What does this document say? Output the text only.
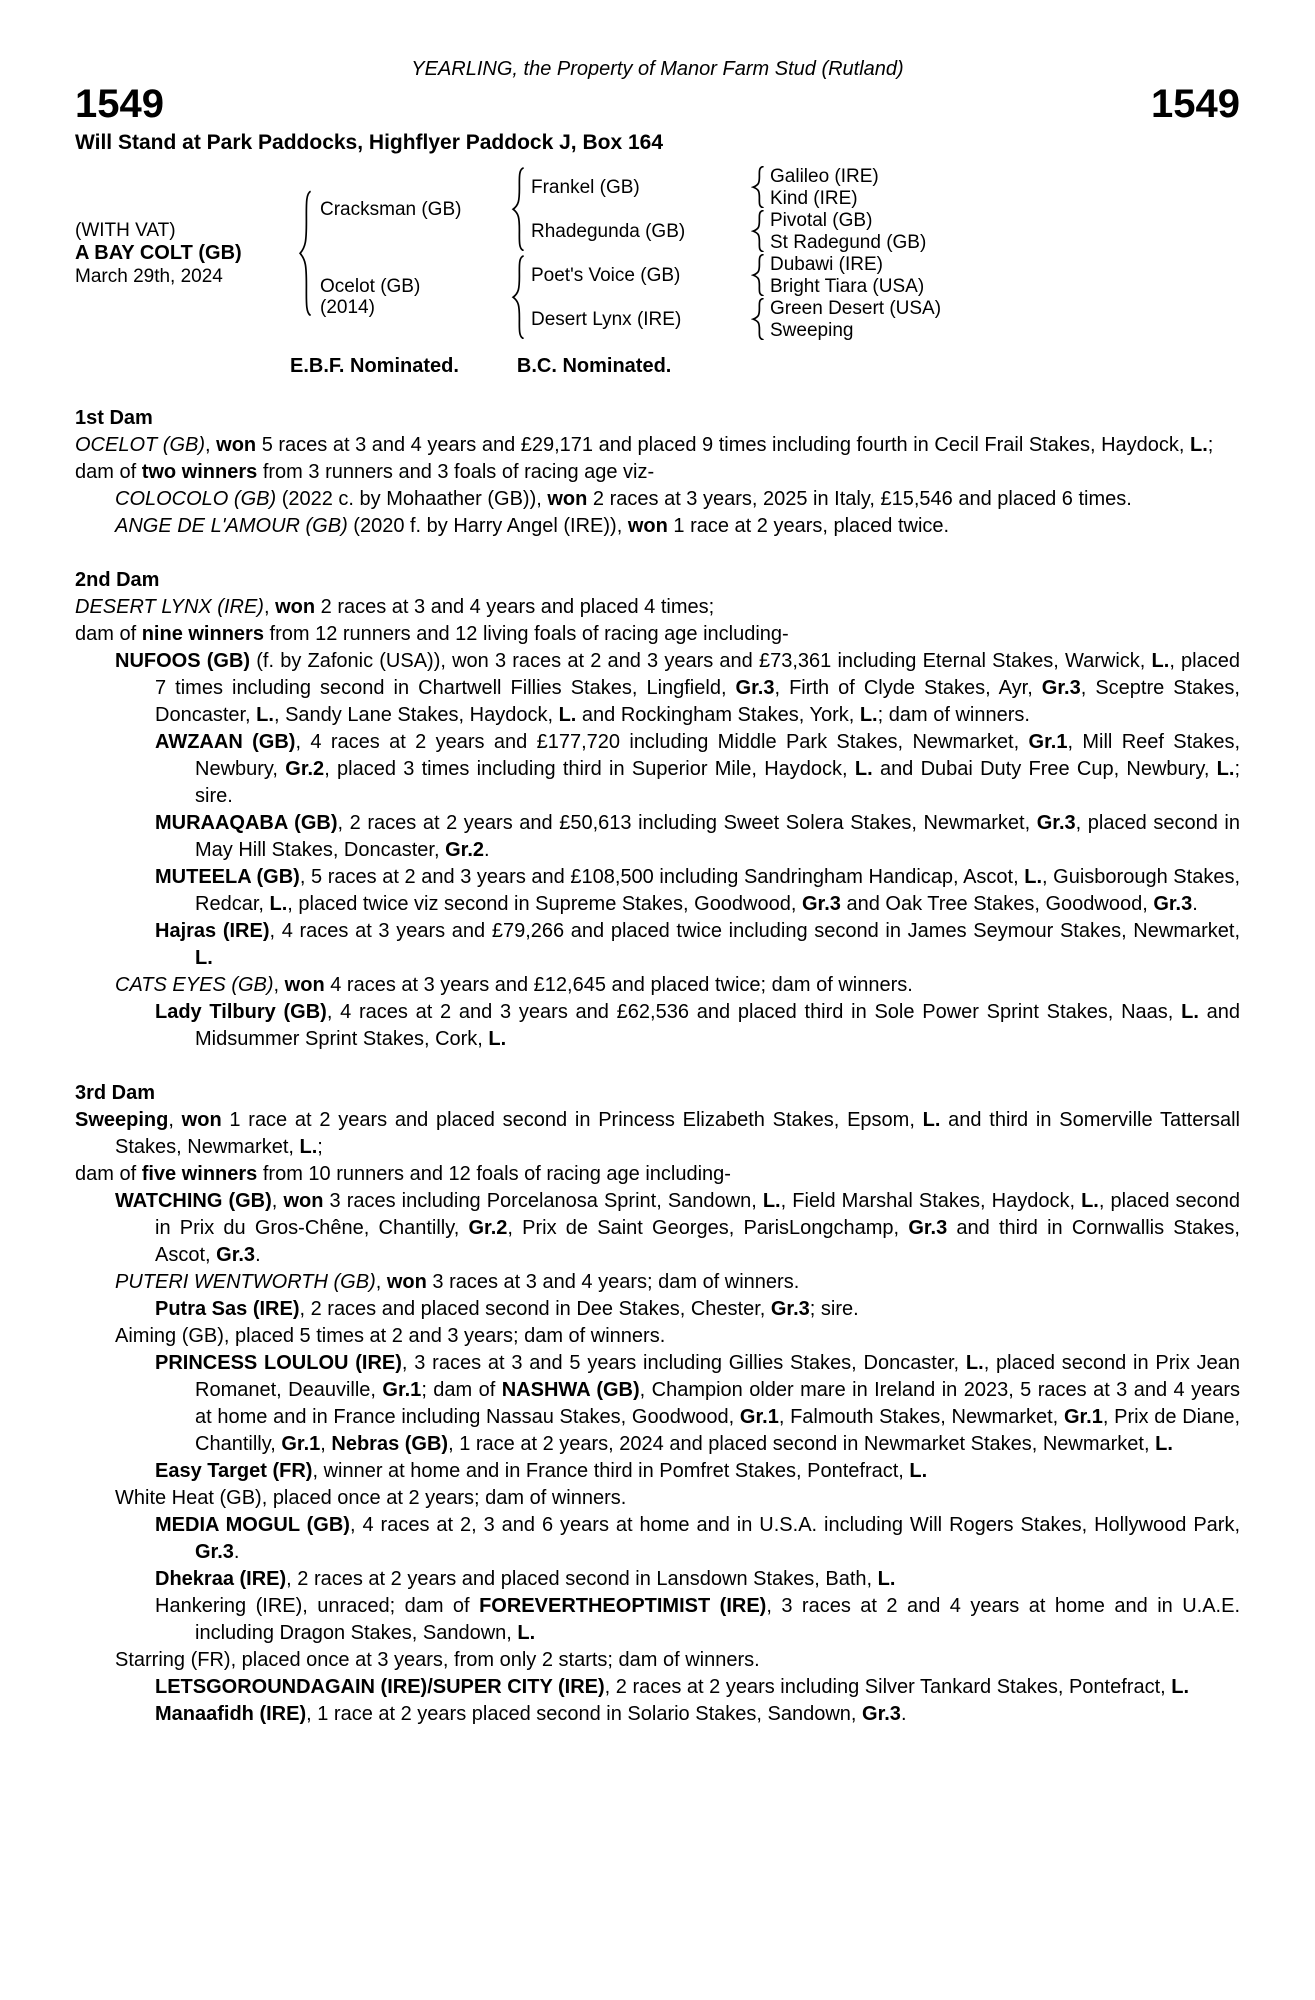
YEARLING, the Property of Manor Farm Stud (Rutland)
1549	1549
Will Stand at Park Paddocks, Highflyer Paddock J, Box 164
(WITH VAT)
A BAY COLT (GB)
March 29th, 2024
Cracksman (GB)
Ocelot (GB)
(2014)
Frankel (GB)
Rhadegunda (GB)
Poet's Voice (GB)
Desert Lynx (IRE)
Galileo (IRE)
Kind (IRE)
Pivotal (GB)
St Radegund (GB)
Dubawi (IRE)
Bright Tiara (USA)
Green Desert (USA)
Sweeping
E.B.F. Nominated.	B.C. Nominated.
1st Dam
OCELOT (GB), won 5 races at 3 and 4 years and £29,171 and placed 9 times including fourth in Cecil Frail Stakes, Haydock, L.;
dam of two winners from 3 runners and 3 foals of racing age viz-
COLOCOLO (GB) (2022 c. by Mohaather (GB)), won 2 races at 3 years, 2025 in Italy, £15,546 and placed 6 times.
ANGE DE L'AMOUR (GB) (2020 f. by Harry Angel (IRE)), won 1 race at 2 years, placed twice.
2nd Dam
DESERT LYNX (IRE), won 2 races at 3 and 4 years and placed 4 times;
dam of nine winners from 12 runners and 12 living foals of racing age including-
NUFOOS (GB) (f. by Zafonic (USA)), won 3 races at 2 and 3 years and £73,361 including Eternal Stakes, Warwick, L., placed 7 times including second in Chartwell Fillies Stakes, Lingfield, Gr.3, Firth of Clyde Stakes, Ayr, Gr.3, Sceptre Stakes, Doncaster, L., Sandy Lane Stakes, Haydock, L. and Rockingham Stakes, York, L.; dam of winners.
AWZAAN (GB), 4 races at 2 years and £177,720 including Middle Park Stakes, Newmarket, Gr.1, Mill Reef Stakes, Newbury, Gr.2, placed 3 times including third in Superior Mile, Haydock, L. and Dubai Duty Free Cup, Newbury, L.; sire.
MURAAQABA (GB), 2 races at 2 years and £50,613 including Sweet Solera Stakes, Newmarket, Gr.3, placed second in May Hill Stakes, Doncaster, Gr.2.
MUTEELA (GB), 5 races at 2 and 3 years and £108,500 including Sandringham Handicap, Ascot, L., Guisborough Stakes, Redcar, L., placed twice viz second in Supreme Stakes, Goodwood, Gr.3 and Oak Tree Stakes, Goodwood, Gr.3.
Hajras (IRE), 4 races at 3 years and £79,266 and placed twice including second in James Seymour Stakes, Newmarket, L.
CATS EYES (GB), won 4 races at 3 years and £12,645 and placed twice; dam of winners.
Lady Tilbury (GB), 4 races at 2 and 3 years and £62,536 and placed third in Sole Power Sprint Stakes, Naas, L. and Midsummer Sprint Stakes, Cork, L.
3rd Dam
Sweeping, won 1 race at 2 years and placed second in Princess Elizabeth Stakes, Epsom, L. and third in Somerville Tattersall Stakes, Newmarket, L.;
dam of five winners from 10 runners and 12 foals of racing age including-
WATCHING (GB), won 3 races including Porcelanosa Sprint, Sandown, L., Field Marshal Stakes, Haydock, L., placed second in Prix du Gros-Chêne, Chantilly, Gr.2, Prix de Saint Georges, ParisLongchamp, Gr.3 and third in Cornwallis Stakes, Ascot, Gr.3.
PUTERI WENTWORTH (GB), won 3 races at 3 and 4 years; dam of winners.
Putra Sas (IRE), 2 races and placed second in Dee Stakes, Chester, Gr.3; sire.
Aiming (GB), placed 5 times at 2 and 3 years; dam of winners.
PRINCESS LOULOU (IRE), 3 races at 3 and 5 years including Gillies Stakes, Doncaster, L., placed second in Prix Jean Romanet, Deauville, Gr.1; dam of NASHWA (GB), Champion older mare in Ireland in 2023, 5 races at 3 and 4 years at home and in France including Nassau Stakes, Goodwood, Gr.1, Falmouth Stakes, Newmarket, Gr.1, Prix de Diane, Chantilly, Gr.1, Nebras (GB), 1 race at 2 years, 2024 and placed second in Newmarket Stakes, Newmarket, L.
Easy Target (FR), winner at home and in France third in Pomfret Stakes, Pontefract, L.
White Heat (GB), placed once at 2 years; dam of winners.
MEDIA MOGUL (GB), 4 races at 2, 3 and 6 years at home and in U.S.A. including Will Rogers Stakes, Hollywood Park, Gr.3.
Dhekraa (IRE), 2 races at 2 years and placed second in Lansdown Stakes, Bath, L.
Hankering (IRE), unraced; dam of FOREVERTHEOPTIMIST (IRE), 3 races at 2 and 4 years at home and in U.A.E. including Dragon Stakes, Sandown, L.
Starring (FR), placed once at 3 years, from only 2 starts; dam of winners.
LETSGOROUNDAGAIN (IRE)/SUPER CITY (IRE), 2 races at 2 years including Silver Tankard Stakes, Pontefract, L.
Manaafidh (IRE), 1 race at 2 years placed second in Solario Stakes, Sandown, Gr.3.
